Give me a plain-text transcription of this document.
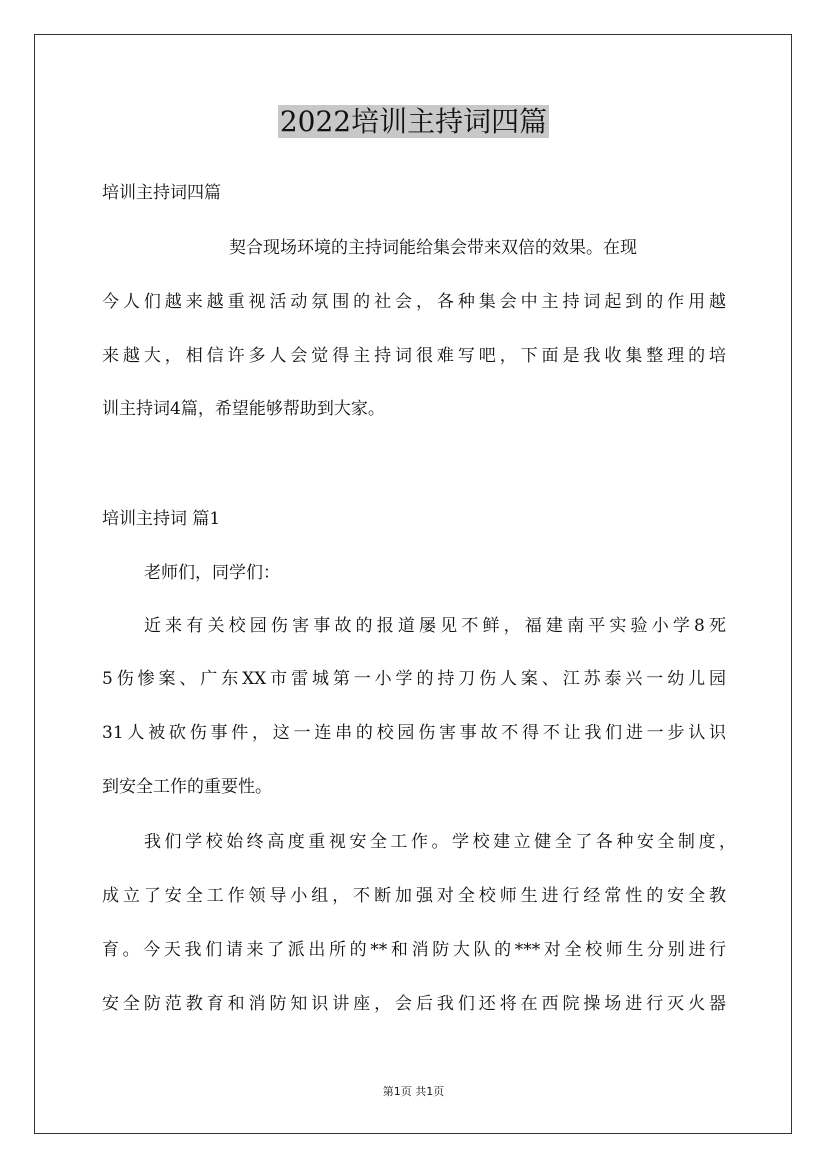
2022培训主持词四篇
培训主持词四篇
契合现场环境的主持词能给集会带来双倍的效果。在现
今人们越来越重视活动氛围的社会，各种集会中主持词起到的作用越
来越大，相信许多人会觉得主持词很难写吧，下面是我收集整理的培
训主持词4篇，希望能够帮助到大家。
培训主持词 篇1
老师们，同学们：
近来有关校园伤害事故的报道屡见不鲜，福建南平实验小学8死
5伤惨案、广东XX市雷城第一小学的持刀伤人案、江苏泰兴一幼儿园
31人被砍伤事件，这一连串的校园伤害事故不得不让我们进一步认识
到安全工作的重要性。
我们学校始终高度重视安全工作。学校建立健全了各种安全制度，
成立了安全工作领导小组，不断加强对全校师生进行经常性的安全教
育。今天我们请来了派出所的**和消防大队的***对全校师生分别进行
安全防范教育和消防知识讲座，会后我们还将在西院操场进行灭火器
第1页 共1页
